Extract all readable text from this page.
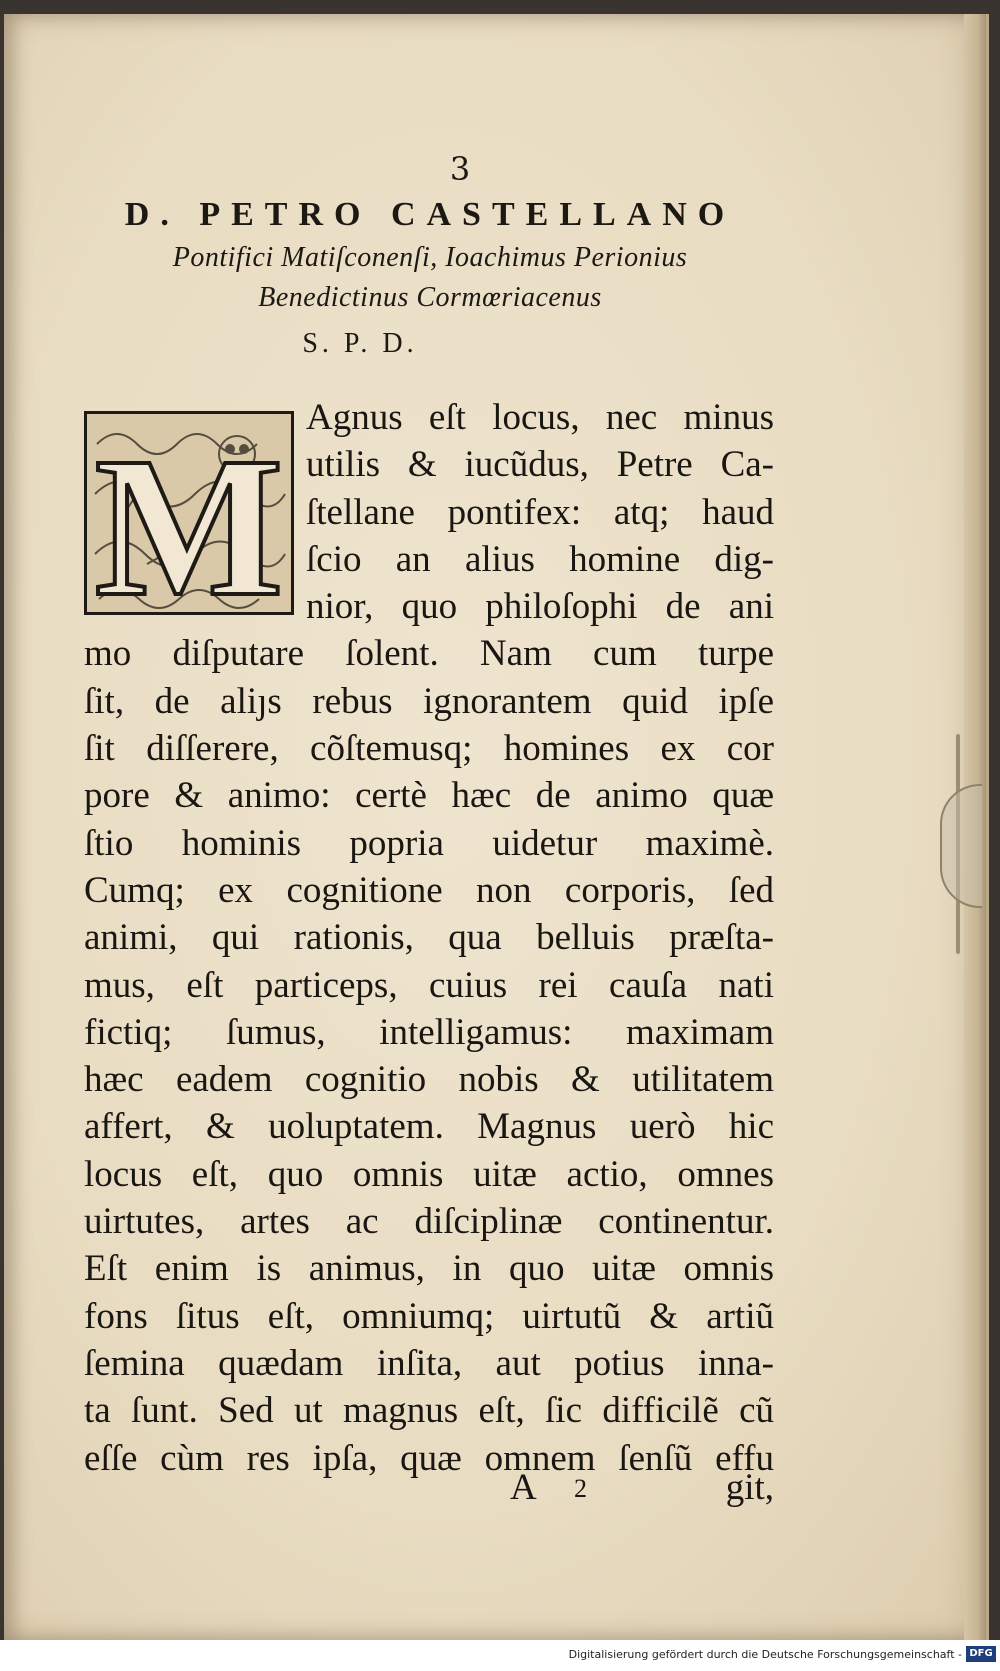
3
D. PETRO CASTELLANO
Pontifici Matiſconenſi, Ioachimus Perionius
Benedictinus Cormœriacenus
S. P. D.
M Agnus eſt locus, nec minus
utilis & iucũdus, Petre Ca-
ſtellane pontifex: atq; haud
ſcio an alius homine dig-
nior, quo philoſophi de ani
mo diſputare ſolent. Nam cum turpe
ſit, de aliȷs rebus ignorantem quid ipſe
ſit diſſerere, cõſtemusq; homines ex cor
pore & animo: certè hæc de animo quæ
ſtio hominis popria uidetur maximè.
Cumq; ex cognitione non corporis, ſed
animi, qui rationis, qua belluis præſta-
mus, eſt particeps, cuius rei cauſa nati
fictiq; ſumus, intelligamus: maximam
hæc eadem cognitio nobis & utilitatem
affert, & uoluptatem. Magnus uerò hic
locus eſt, quo omnis uitæ actio, omnes
uirtutes, artes ac diſciplinæ continentur.
Eſt enim is animus, in quo uitæ omnis
fons ſitus eſt, omniumq; uirtutũ & artiũ
ſemina quædam inſita, aut potius inna-
ta ſunt. Sed ut magnus eſt, ſic difficilẽ cũ
eſſe cùm res ipſa, quæ omnem ſenſũ effu
A 2	git,
Digitalisierung gefördert durch die Deutsche Forschungsgemeinschaft - DFG
